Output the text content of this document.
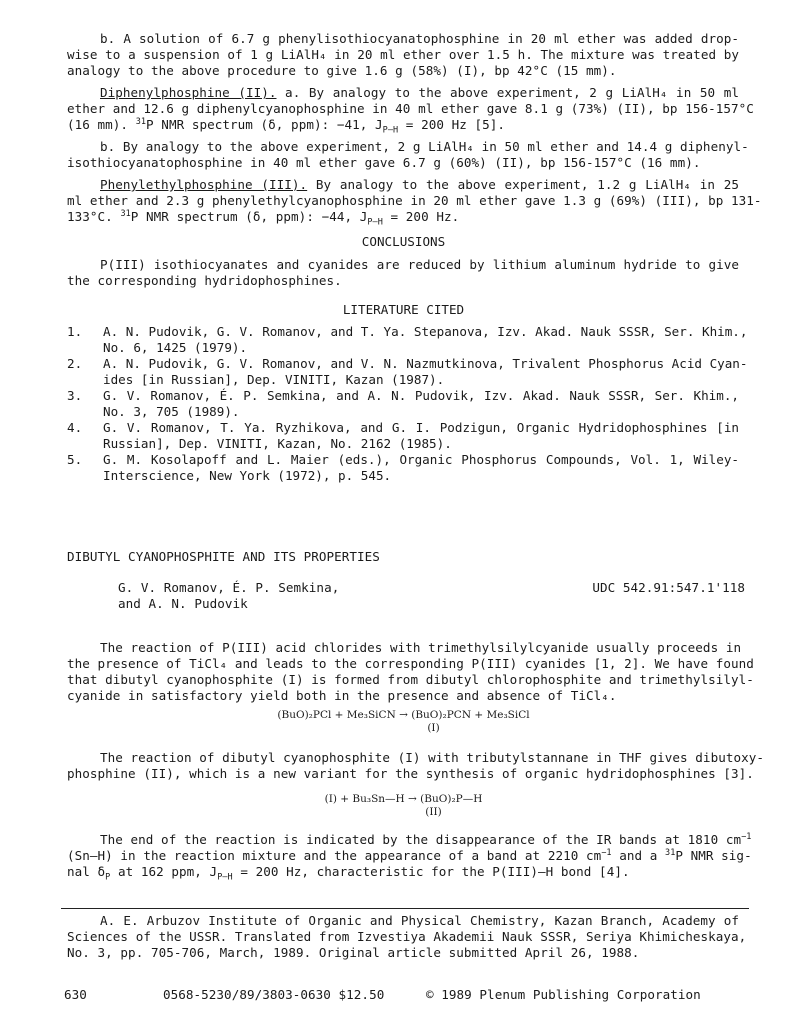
b. A solution of 6.7 g phenylisothiocyanatophosphine in 20 ml ether was added drop-
wise to a suspension of 1 g LiAlH₄ in 20 ml ether over 1.5 h. The mixture was treated by
analogy to the above procedure to give 1.6 g (58%) (I), bp 42°C (15 mm).
Diphenylphosphine (II). a. By analogy to the above experiment, 2 g LiAlH₄ in 50 ml
ether and 12.6 g diphenylcyanophosphine in 40 ml ether gave 8.1 g (73%) (II), bp 156-157°C
(16 mm). $^{31}$P NMR spectrum (δ, ppm): −41, $J_{P-H} = 200$ Hz [5].
b. By analogy to the above experiment, 2 g LiAlH₄ in 50 ml ether and 14.4 g diphenyl-
isothiocyanatophosphine in 40 ml ether gave 6.7 g (60%) (II), bp 156-157°C (16 mm).
Phenylethylphosphine (III). By analogy to the above experiment, 1.2 g LiAlH₄ in 25
ml ether and 2.3 g phenylethylcyanophosphine in 20 ml ether gave 1.3 g (69%) (III), bp 131-
133°C. $^{31}$P NMR spectrum (δ, ppm): −44, $J_{P-H} = 200$ Hz.
CONCLUSIONS
P(III) isothiocyanates and cyanides are reduced by lithium aluminum hydride to give
the corresponding hydridophosphines.
LITERATURE CITED
1.	A. N. Pudovik, G. V. Romanov, and T. Ya. Stepanova, Izv. Akad. Nauk SSSR, Ser. Khim.,
No. 6, 1425 (1979).
2.	A. N. Pudovik, G. V. Romanov, and V. N. Nazmutkinova, Trivalent Phosphorus Acid Cyan-
ides [in Russian], Dep. VINITI, Kazan (1987).
3.	G. V. Romanov, É. P. Semkina, and A. N. Pudovik, Izv. Akad. Nauk SSSR, Ser. Khim.,
No. 3, 705 (1989).
4.	G. V. Romanov, T. Ya. Ryzhikova, and G. I. Podzigun, Organic Hydridophosphines [in
Russian], Dep. VINITI, Kazan, No. 2162 (1985).
5.	G. M. Kosolapoff and L. Maier (eds.), Organic Phosphorus Compounds, Vol. 1, Wiley-
Interscience, New York (1972), p. 545.
DIBUTYL CYANOPHOSPHITE AND ITS PROPERTIES
G. V. Romanov, É. P. Semkina,
and A. N. Pudovik
UDC 542.91:547.1'118
The reaction of P(III) acid chlorides with trimethylsilylcyanide usually proceeds in
the presence of TiCl₄ and leads to the corresponding P(III) cyanides [1, 2]. We have found
that dibutyl cyanophosphite (I) is formed from dibutyl chlorophosphite and trimethylsilyl-
cyanide in satisfactory yield both in the presence and absence of TiCl₄.
(BuO)₂PCl + Me₃SiCN → (BuO)₂PCN + Me₃SiCl
(I)
The reaction of dibutyl cyanophosphite (I) with tributylstannane in THF gives dibutoxy-
phosphine (II), which is a new variant for the synthesis of organic hydridophosphines [3].
(I) + Bu₃Sn—H → (BuO)₂P—H
(II)
The end of the reaction is indicated by the disappearance of the IR bands at 1810 $cm^{-1}$
(Sn—H) in the reaction mixture and the appearance of a band at 2210 $cm^{-1}$ and a $^{31}$P NMR sig-
nal $\delta_P$ at 162 ppm, $J_{P-H} = 200$ Hz, characteristic for the P(III)—H bond [4].
A. E. Arbuzov Institute of Organic and Physical Chemistry, Kazan Branch, Academy of
Sciences of the USSR. Translated from Izvestiya Akademii Nauk SSSR, Seriya Khimicheskaya,
No. 3, pp. 705-706, March, 1989. Original article submitted April 26, 1988.
630	0568-5230/89/3803-0630 $12.50	© 1989 Plenum Publishing Corporation
